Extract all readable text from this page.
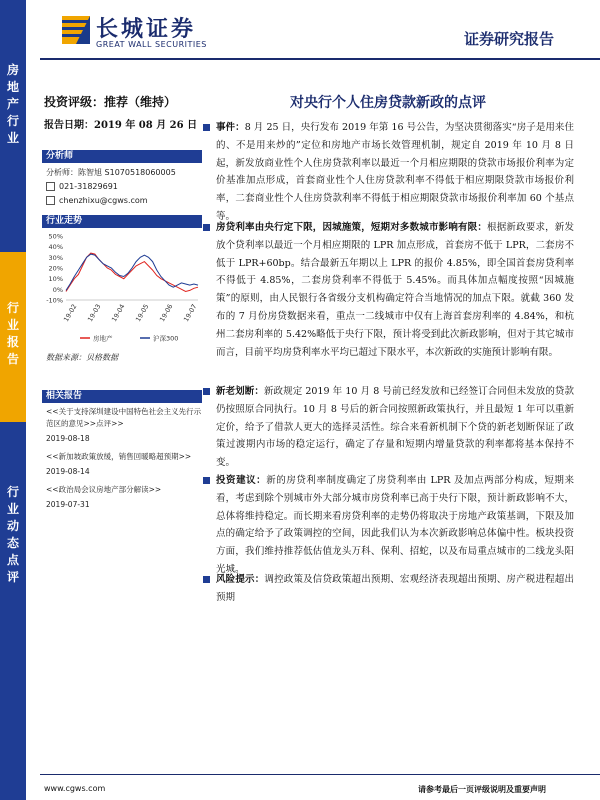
长城证券
GREAT WALL SECURITIES	证券研究报告
房地产行业
行业报告
行业动态点评
投资评级：推荐（维持）
报告日期：2019 年 08 月 26 日
分析师
分析师：陈智旭 S1070518060005
021-31829691
chenzhixu@cgws.com
行业走势
50%
40%
30%
20%
10%
0%
-10%
19-02 19-03 19-04 19-05 19-06 19-07
房地产	沪深300
数据来源：贝格数据
相关报告
<<关于支持深圳建设中国特色社会主义先行示范区的意见>>点评>>
2019-08-18
<<新加坡政策放缓，销售回暖略超预期>>
2019-08-14
<<政治局会议房地产部分解读>>
2019-07-31
对央行个人住房贷款新政的点评
事件：8 月 25 日，央行发布 2019 年第 16 号公告，为坚决贯彻落实“房子是用来住的、不是用来炒的”定位和房地产市场长效管理机制，规定自 2019 年 10 月 8 日起，新发放商业性个人住房贷款利率以最近一个月相应期限的贷款市场报价利率为定价基准加点形成，首套商业性个人住房贷款利率不得低于相应期限贷款市场报价利率，二套商业性个人住房贷款利率不得低于相应期限贷款市场报价利率加 60 个基点等。
房贷利率由央行定下限，因城施策，短期对多数城市影响有限：根据新政要求，新发放个贷利率以最近一个月相应期限的 LPR 加点形成，首套房不低于 LPR，二套房不低于 LPR+60bp。结合最新五年期以上 LPR 的报价 4.85%，即全国首套房贷利率不得低于 4.85%，二套房贷利率不得低于 5.45%。而具体加点幅度按照“因城施策”的原则，由人民银行各省级分支机构确定符合当地情况的加点下限。就截 360 发布的 7 月份房贷数据来看，重点一二线城市中仅有上海首套房利率的 4.84%，和杭州二套房利率的 5.42%略低于央行下限，预计将受到此次新政影响，但对于其它城市而言，目前平均房贷利率水平均已超过下限水平，本次新政的实施预计影响有限。
新老划断：新政规定 2019 年 10 月 8 号前已经发放和已经签订合同但未发放的贷款仍按照原合同执行。10 月 8 号后的新合同按照新政策执行，并且最短 1 年可以重新定价，给予了借款人更大的选择灵活性。综合来看新机制下个贷的新老划断保证了政策过渡期内市场的稳定运行，确定了存量和短期内增量贷款的利率都将基本保持不变。
投资建议：新的房贷利率制度确定了房贷利率由 LPR 及加点两部分构成，短期来看，考虑到除个别城市外大部分城市房贷利率已高于央行下限，预计新政影响不大，总体将维持稳定。而长期来看房贷利率的走势仍将取决于房地产政策基调，下限及加点的确定给予了政策调控的空间，因此我们认为本次新政影响总体偏中性。板块投资方面，我们维持推荐低估值龙头万科、保利、招蛇，以及布局重点城市的二线龙头阳光城。
风险提示：调控政策及信贷政策超出预期、宏观经济表现超出预期、房产税进程超出预期
www.cgws.com	请参考最后一页评级说明及重要声明
